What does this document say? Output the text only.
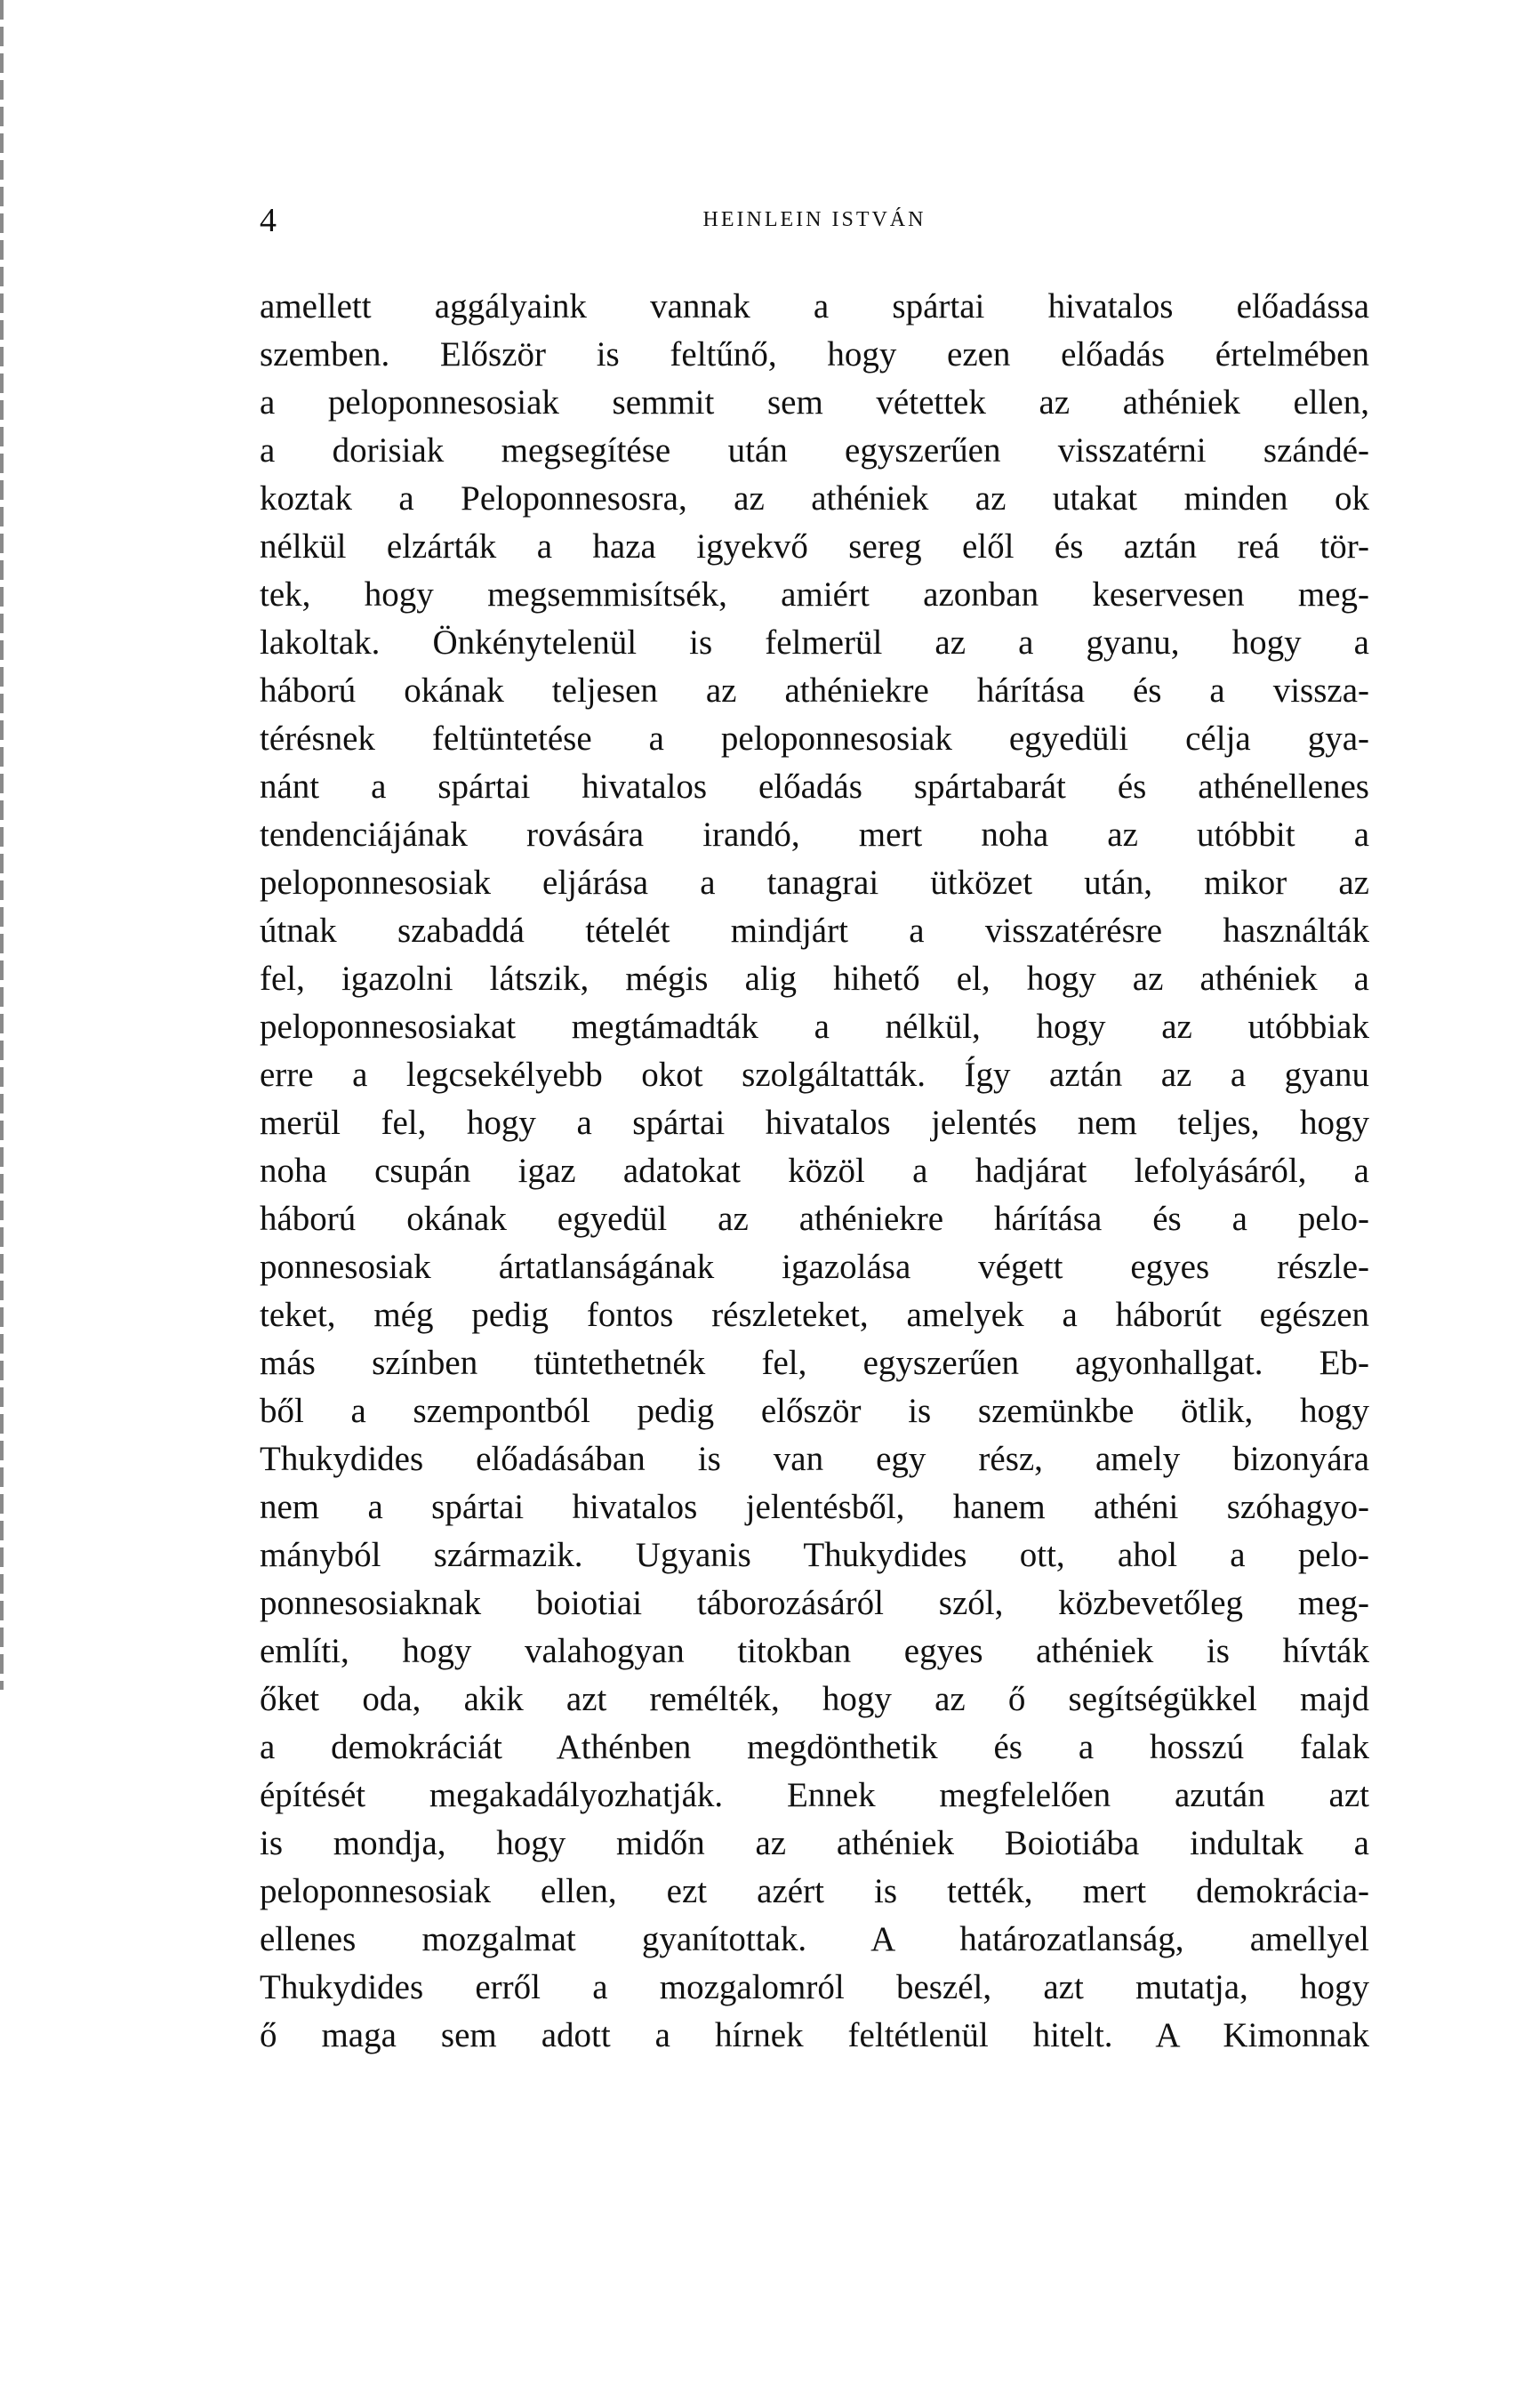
4	HEINLEIN ISTVÁN
amellett aggályaink vannak a spártai hivatalos előadássa
szemben. Először is feltűnő, hogy ezen előadás értelmében
a peloponnesosiak semmit sem vétettek az athéniek ellen,
a dorisiak megsegítése után egyszerűen visszatérni szándé-
koztak a Peloponnesosra, az athéniek az utakat minden ok
nélkül elzárták a haza igyekvő sereg elől és aztán reá tör-
tek, hogy megsemmisítsék, amiért azonban keservesen meg-
lakoltak. Önkénytelenül is felmerül az a gyanu, hogy a
háború okának teljesen az athéniekre hárítása és a vissza-
térésnek feltüntetése a peloponnesosiak egyedüli célja gya-
nánt a spártai hivatalos előadás spártabarát és athénellenes
tendenciájának rovására irandó, mert noha az utóbbit a
peloponnesosiak eljárása a tanagrai ütközet után, mikor az
útnak szabaddá tételét mindjárt a visszatérésre használták
fel, igazolni látszik, mégis alig hihető el, hogy az athéniek a
peloponnesosiakat megtámadták a nélkül, hogy az utóbbiak
erre a legcsekélyebb okot szolgáltatták. Így aztán az a gyanu
merül fel, hogy a spártai hivatalos jelentés nem teljes, hogy
noha csupán igaz adatokat közöl a hadjárat lefolyásáról, a
háború okának egyedül az athéniekre hárítása és a pelo-
ponnesosiak ártatlanságának igazolása végett egyes részle-
teket, még pedig fontos részleteket, amelyek a háborút egészen
más színben tüntethetnék fel, egyszerűen agyonhallgat. Eb-
ből a szempontból pedig először is szemünkbe ötlik, hogy
Thukydides előadásában is van egy rész, amely bizonyára
nem a spártai hivatalos jelentésből, hanem athéni szóhagyo-
mányból származik. Ugyanis Thukydides ott, ahol a pelo-
ponnesosiaknak boiotiai táborozásáról szól, közbevetőleg meg-
említi, hogy valahogyan titokban egyes athéniek is hívták
őket oda, akik azt remélték, hogy az ő segítségükkel majd
a demokráciát Athénben megdönthetik és a hosszú falak
építését megakadályozhatják. Ennek megfelelően azután azt
is mondja, hogy midőn az athéniek Boiotiába indultak a
peloponnesosiak ellen, ezt azért is tették, mert demokrácia-
ellenes mozgalmat gyanítottak. A határozatlanság, amellyel
Thukydides erről a mozgalomról beszél, azt mutatja, hogy
ő maga sem adott a hírnek feltétlenül hitelt. A Kimonnak
